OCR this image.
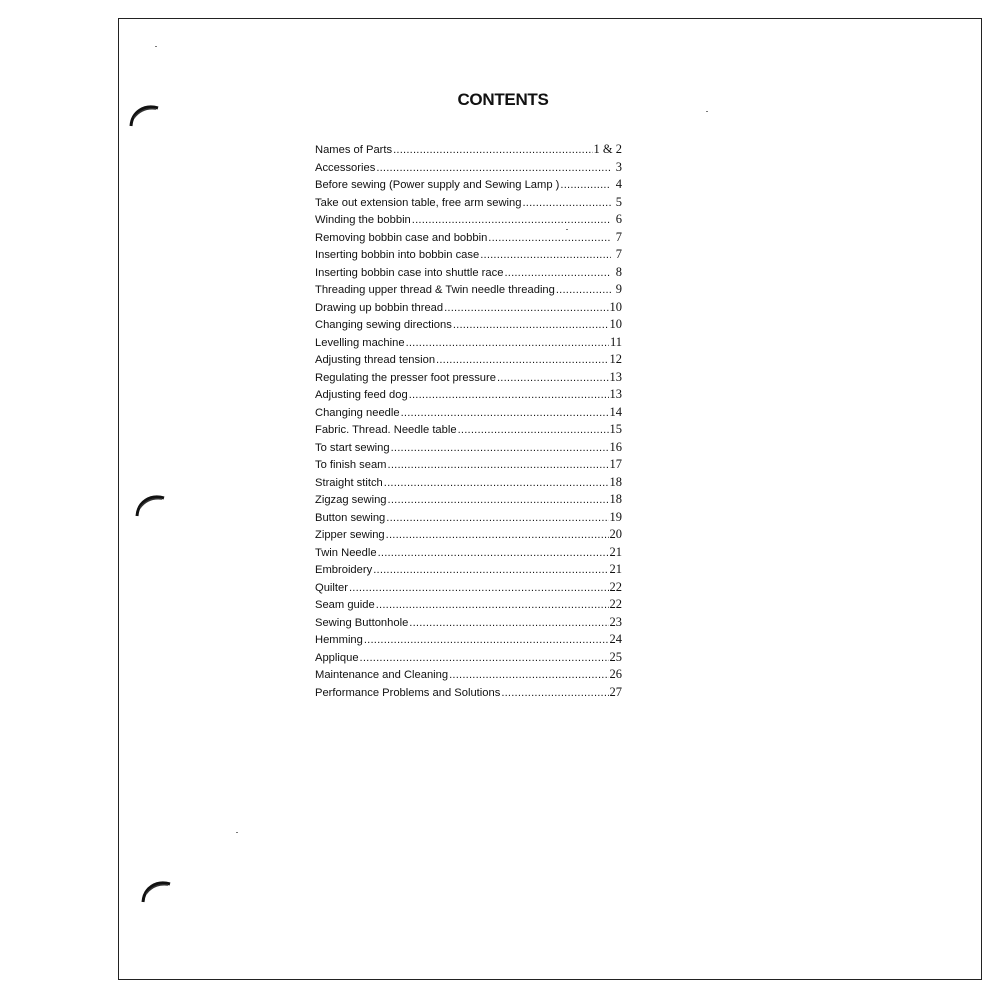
CONTENTS
Names of Parts .....	1 & 2
Accessories .....	3
Before sewing (Power supply and Sewing Lamp ) .....	4
Take out extension table, free arm sewing .....	5
Winding the bobbin .....	6
Removing bobbin case and bobbin .....	7
Inserting bobbin into bobbin case .....	7
Inserting bobbin case into shuttle race .....	8
Threading upper thread & Twin needle threading .....	9
Drawing up bobbin thread .....	10
Changing sewing directions .....	10
Levelling machine .....	11
Adjusting thread tension .....	12
Regulating the presser foot pressure .....	13
Adjusting feed dog .....	13
Changing needle .....	14
Fabric. Thread. Needle table .....	15
To start sewing .....	16
To finish seam .....	17
Straight stitch .....	18
Zigzag sewing .....	18
Button sewing .....	19
Zipper sewing .....	20
Twin Needle .....	21
Embroidery .....	21
Quilter .....	22
Seam guide .....	22
Sewing Buttonhole .....	23
Hemming .....	24
Applique .....	25
Maintenance and Cleaning .....	26
Performance Problems and Solutions .....	27
